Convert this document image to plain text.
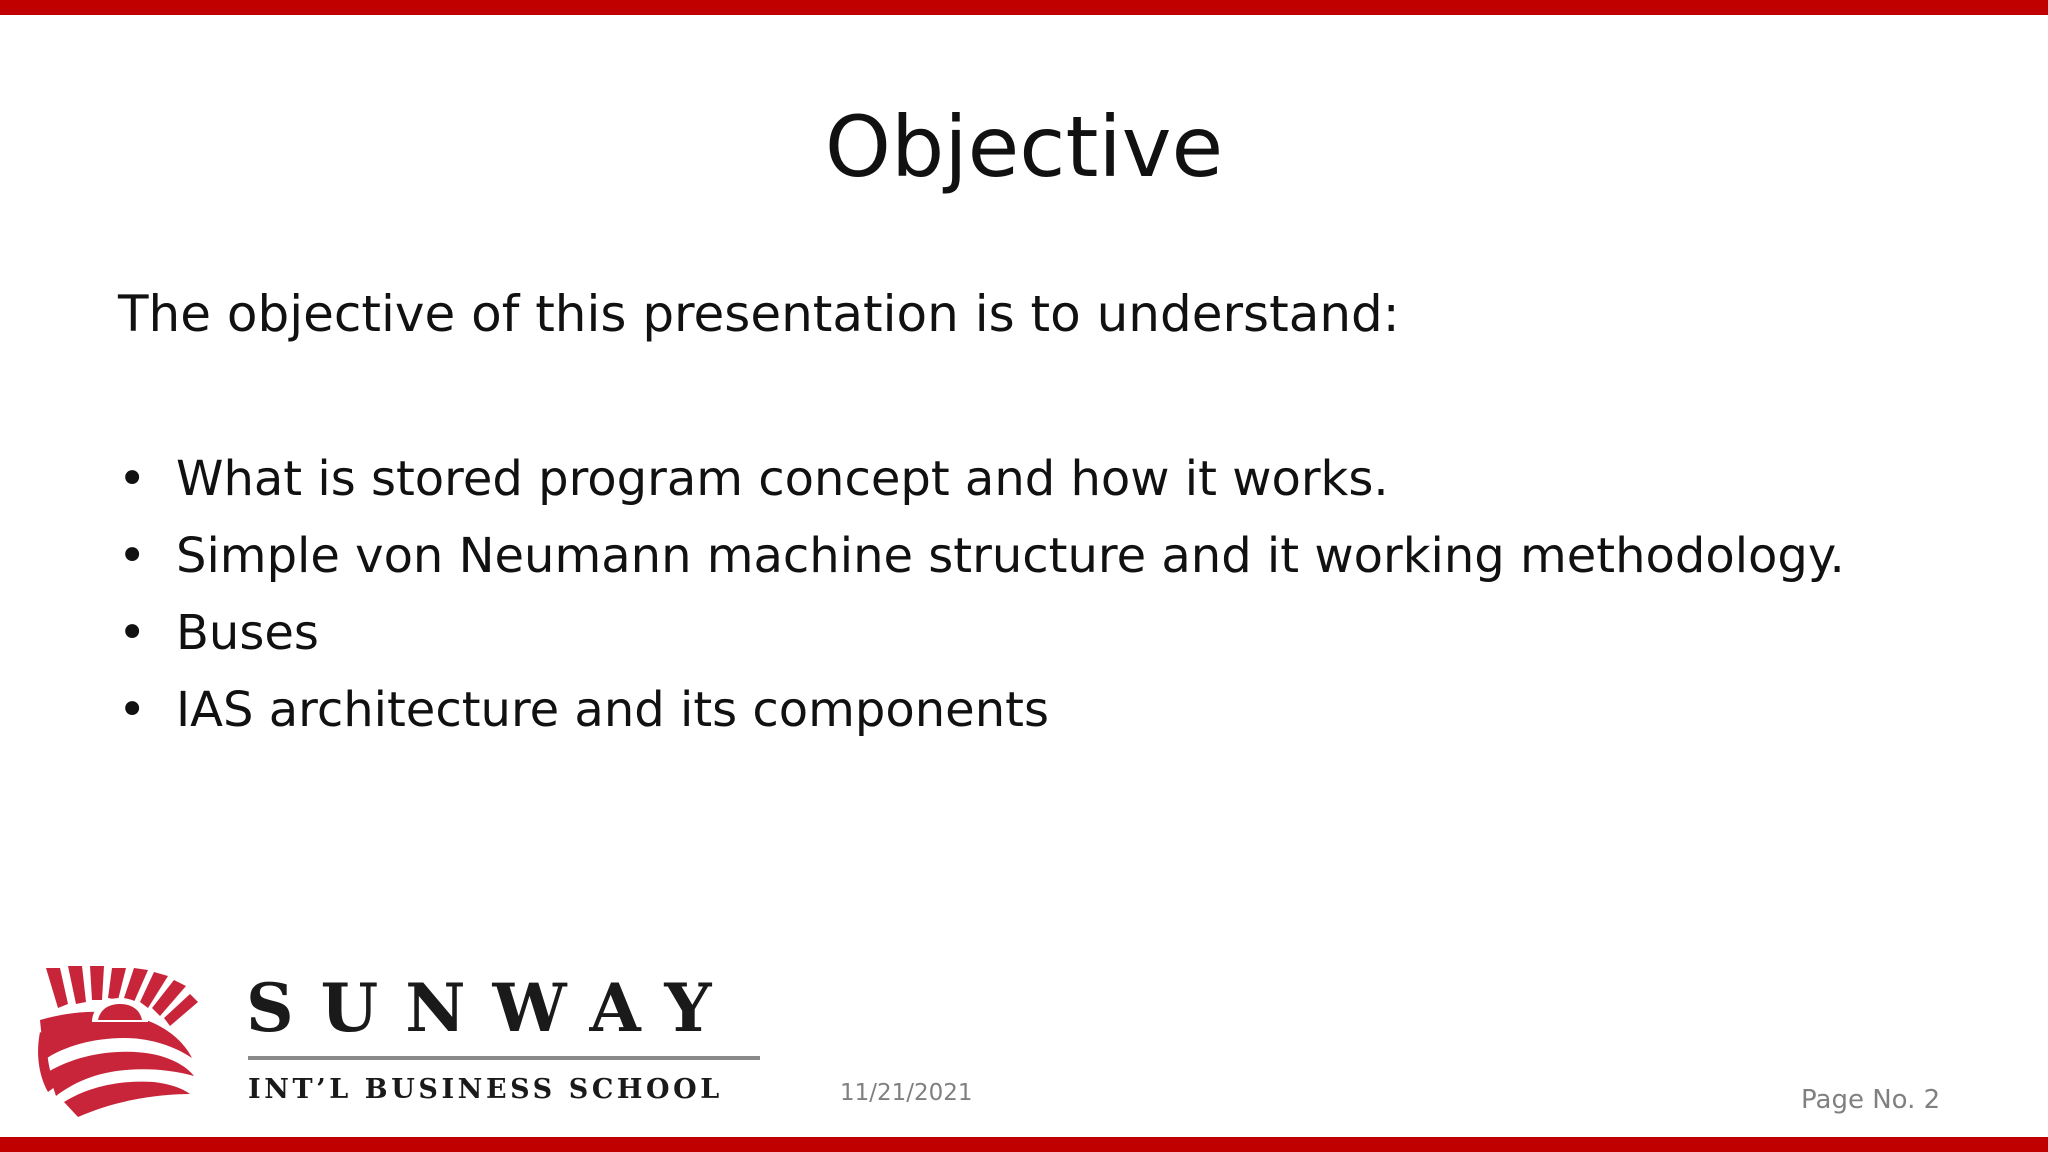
Objective
The objective of this presentation is to understand:
• What is stored program concept and how it works.
• Simple von Neumann machine structure and it working methodology.
• Buses
• IAS architecture and its components
SUNWAY
INT’L BUSINESS SCHOOL	11/21/2021	Page No. 2
